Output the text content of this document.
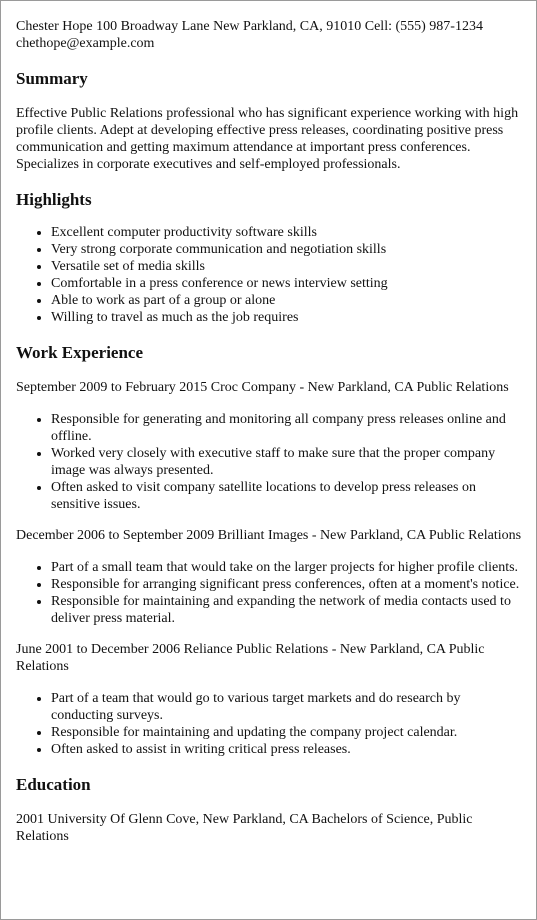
Chester Hope 100 Broadway Lane New Parkland, CA, 91010 Cell: (555) 987-1234

chethope@example.com

Summary

Effective Public Relations professional who has significant experience working with high profile clients. Adept at developing effective press releases, coordinating positive press communication and getting maximum attendance at important press conferences. Specializes in corporate executives and self-employed professionals.

Highlights
• Excellent computer productivity software skills
• Very strong corporate communication and negotiation skills
• Versatile set of media skills
• Comfortable in a press conference or news interview setting
• Able to work as part of a group or alone
• Willing to travel as much as the job requires
Work Experience

September 2009 to February 2015 Croc Company - New Parkland, CA Public Relations

• Responsible for generating and monitoring all company press releases online and offline.
• Worked very closely with executive staff to make sure that the proper company image was always presented.
• Often asked to visit company satellite locations to develop press releases on sensitive issues.

December 2006 to September 2009 Brilliant Images - New Parkland, CA Public Relations

• Part of a small team that would take on the larger projects for higher profile clients.
• Responsible for arranging significant press conferences, often at a moment's notice.
• Responsible for maintaining and expanding the network of media contacts used to deliver press material.

June 2001 to December 2006 Reliance Public Relations - New Parkland, CA Public Relations

• Part of a team that would go to various target markets and do research by conducting surveys.
• Responsible for maintaining and updating the company project calendar.
• Often asked to assist in writing critical press releases.
Education

2001 University Of Glenn Cove, New Parkland, CA Bachelors of Science, Public Relations
